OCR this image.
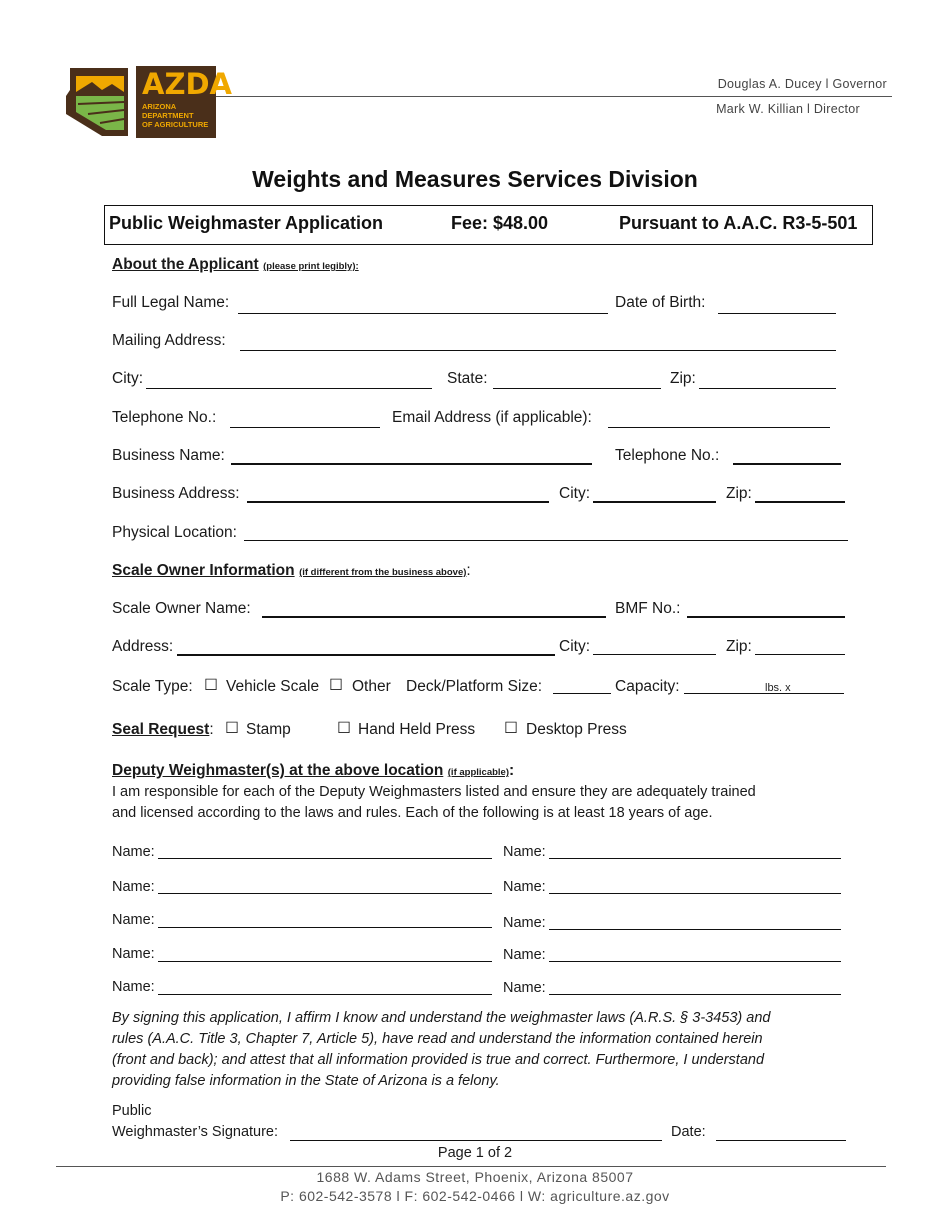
AZDA
ARIZONA
DEPARTMENT
OF AGRICULTURE
Douglas A. Ducey l Governor
Mark W. Killian l Director
Weights and Measures Services Division
Public Weighmaster Application	Fee: $48.00	Pursuant to A.A.C. R3-5-501
About the Applicant (please print legibly):
Full Legal Name:	Date of Birth:
Mailing Address:
City:	State:	Zip:
Telephone No.:	Email Address (if applicable):
Business Name:	Telephone No.:
Business Address:	City:	Zip:
Physical Location:
Scale Owner Information (if different from the business above):
Scale Owner Name:	BMF No.:
Address:	City:	Zip:
Scale Type: ☐ Vehicle Scale ☐ Other Deck/Platform Size:	Capacity:	lbs. x
Seal Request: ☐ Stamp	☐ Hand Held Press ☐ Desktop Press
Deputy Weighmaster(s) at the above location (if applicable):
I am responsible for each of the Deputy Weighmasters listed and ensure they are adequately trained
and licensed according to the laws and rules. Each of the following is at least 18 years of age.
Name:	Name:
Name:	Name:
Name:	Name:
Name:	Name:
Name:	Name:
By signing this application, I affirm I know and understand the weighmaster laws (A.R.S. § 3-3453) and
rules (A.A.C. Title 3, Chapter 7, Article 5), have read and understand the information contained herein
(front and back); and attest that all information provided is true and correct. Furthermore, I understand
providing false information in the State of Arizona is a felony.
Public
Weighmaster’s Signature:	Date:
Page 1 of 2
1688 W. Adams Street, Phoenix, Arizona 85007
P: 602-542-3578 l F: 602-542-0466 l W: agriculture.az.gov
